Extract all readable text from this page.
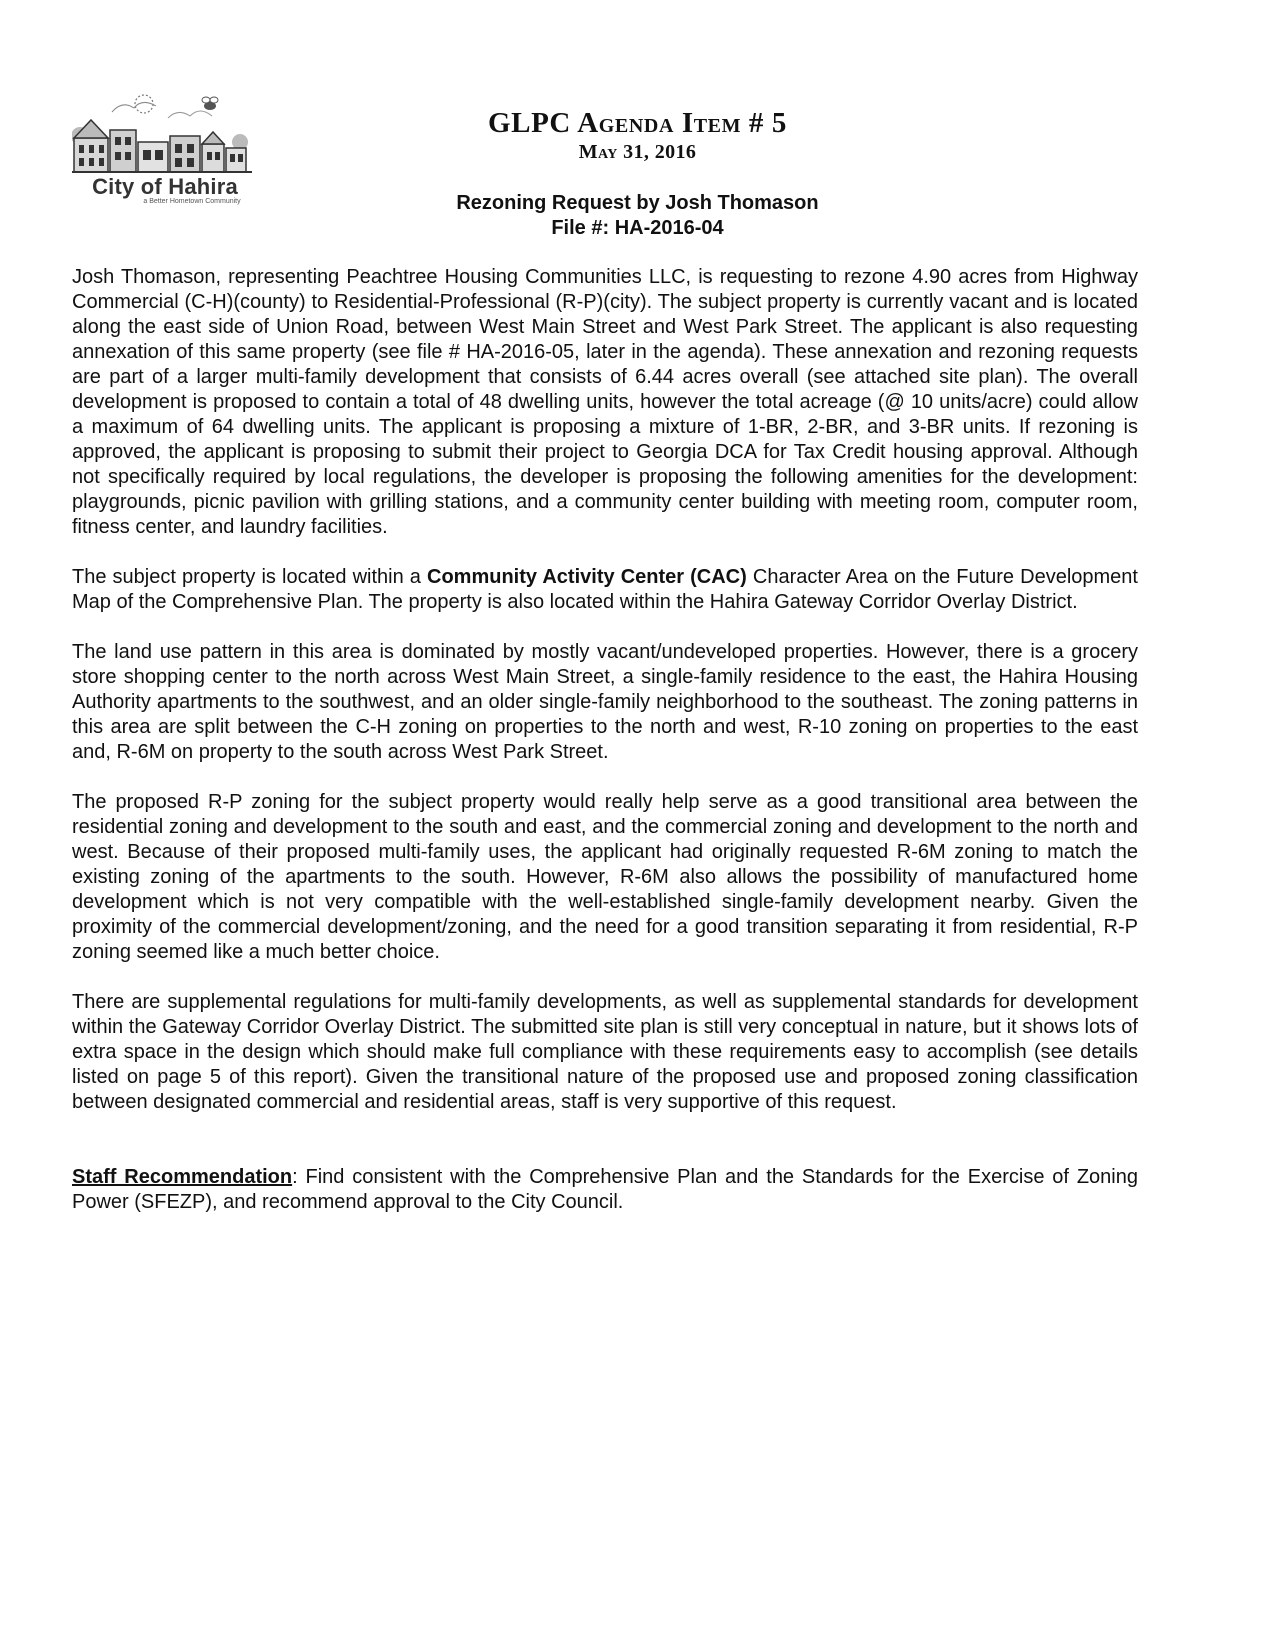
City of Hahira
a Better Hometown Community
GLPC Agenda Item # 5
May 31, 2016
Rezoning Request by Josh Thomason
File #: HA-2016-04

Josh Thomason, representing Peachtree Housing Communities LLC, is requesting to rezone 4.90 acres from Highway Commercial (C-H)(county) to Residential-Professional (R-P)(city). The subject property is currently vacant and is located along the east side of Union Road, between West Main Street and West Park Street. The applicant is also requesting annexation of this same property (see file # HA-2016-05, later in the agenda). These annexation and rezoning requests are part of a larger multi-family development that consists of 6.44 acres overall (see attached site plan). The overall development is proposed to contain a total of 48 dwelling units, however the total acreage (@ 10 units/acre) could allow a maximum of 64 dwelling units. The applicant is proposing a mixture of 1-BR, 2-BR, and 3-BR units. If rezoning is approved, the applicant is proposing to submit their project to Georgia DCA for Tax Credit housing approval. Although not specifically required by local regulations, the developer is proposing the following amenities for the development: playgrounds, picnic pavilion with grilling stations, and a community center building with meeting room, computer room, fitness center, and laundry facilities.

The subject property is located within a Community Activity Center (CAC) Character Area on the Future Development Map of the Comprehensive Plan. The property is also located within the Hahira Gateway Corridor Overlay District.

The land use pattern in this area is dominated by mostly vacant/undeveloped properties. However, there is a grocery store shopping center to the north across West Main Street, a single-family residence to the east, the Hahira Housing Authority apartments to the southwest, and an older single-family neighborhood to the southeast. The zoning patterns in this area are split between the C-H zoning on properties to the north and west, R-10 zoning on properties to the east and, R-6M on property to the south across West Park Street.

The proposed R-P zoning for the subject property would really help serve as a good transitional area between the residential zoning and development to the south and east, and the commercial zoning and development to the north and west. Because of their proposed multi-family uses, the applicant had originally requested R-6M zoning to match the existing zoning of the apartments to the south. However, R-6M also allows the possibility of manufactured home development which is not very compatible with the well-established single-family development nearby. Given the proximity of the commercial development/zoning, and the need for a good transition separating it from residential, R-P zoning seemed like a much better choice.

There are supplemental regulations for multi-family developments, as well as supplemental standards for development within the Gateway Corridor Overlay District. The submitted site plan is still very conceptual in nature, but it shows lots of extra space in the design which should make full compliance with these requirements easy to accomplish (see details listed on page 5 of this report). Given the transitional nature of the proposed use and proposed zoning classification between designated commercial and residential areas, staff is very supportive of this request.

Staff Recommendation: Find consistent with the Comprehensive Plan and the Standards for the Exercise of Zoning Power (SFEZP), and recommend approval to the City Council.
